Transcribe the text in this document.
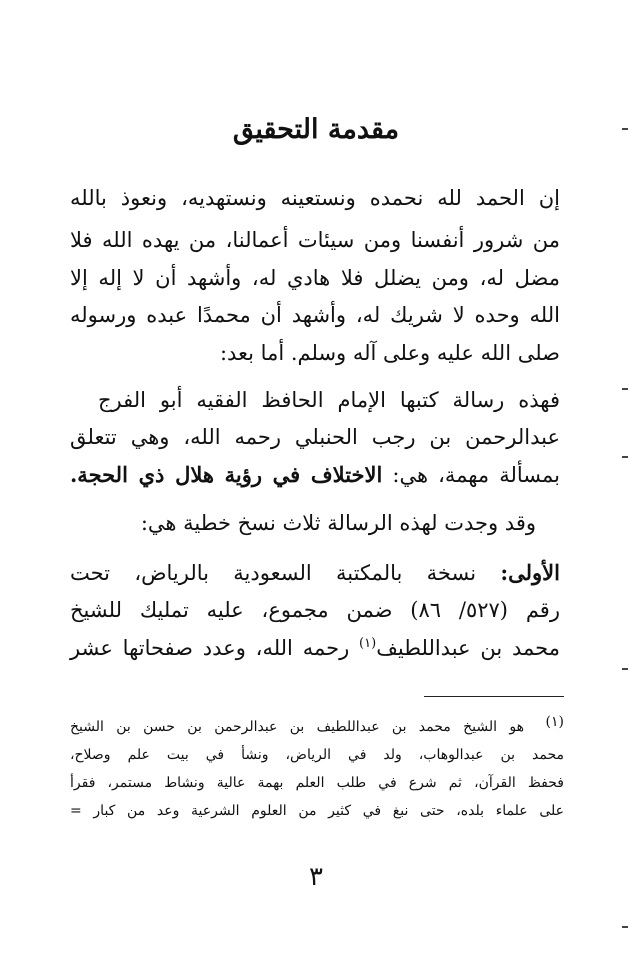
مقدمة التحقيق
إن الحمد لله نحمده ونستعينه ونستهديه، ونعوذ بالله
من شرور أنفسنا ومن سيئات أعمالنا، من يهده الله فلا
مضل له، ومن يضلل فلا هادي له، وأشهد أن لا إله إلا
الله وحده لا شريك له، وأشهد أن محمدًا عبده ورسوله
صلى الله عليه وعلى آله وسلم. أما بعد:
فهذه رسالة كتبها الإمام الحافظ الفقيه أبو الفرج
عبدالرحمن بن رجب الحنبلي رحمه الله، وهي تتعلق
بمسألة مهمة، هي: الاختلاف في رؤية هلال ذي الحجة.
وقد وجدت لهذه الرسالة ثلاث نسخ خطية هي:
الأولى: نسخة بالمكتبة السعودية بالرياض، تحت
رقم (٥٢٧/ ٨٦) ضمن مجموع، عليه تمليك للشيخ
محمد بن عبداللطيف$^{(١)}$ رحمه الله، وعدد صفحاتها عشر
(١)
هو الشيخ محمد بن عبداللطيف بن عبدالرحمن بن حسن بن الشيخ
محمد بن عبدالوهاب، ولد في الرياض، ونشأ في بيت علم وصلاح،
فحفظ القرآن، ثم شرع في طلب العلم بهمة عالية ونشاط مستمر، فقرأ
على علماء بلده، حتى نبغ في كثير من العلوم الشرعية وعد من كبار =
٣
